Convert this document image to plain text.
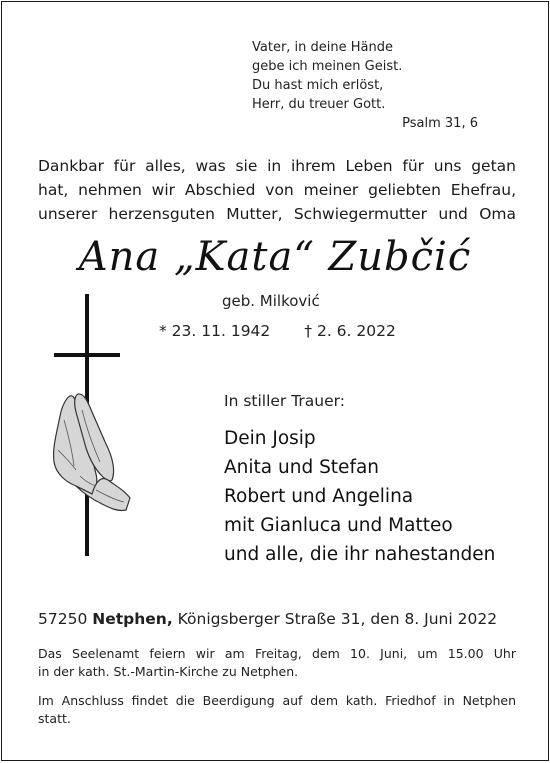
Vater, in deine Hände
gebe ich meinen Geist.
Du hast mich erlöst,
Herr, du treuer Gott.
Psalm 31, 6
Dankbar für alles, was sie in ihrem Leben für uns getan
hat, nehmen wir Abschied von meiner geliebten Ehefrau,
unserer herzensguten Mutter, Schwiegermutter und Oma
Ana „Kata“ Zubčić
geb. Milković
* 23. 11. 1942 † 2. 6. 2022
In stiller Trauer:
Dein Josip
Anita und Stefan
Robert und Angelina
mit Gianluca und Matteo
und alle, die ihr nahestanden
57250 Netphen, Königsberger Straße 31, den 8. Juni 2022
Das Seelenamt feiern wir am Freitag, dem 10. Juni, um 15.00 Uhr
in der kath. St.-Martin-Kirche zu Netphen.
Im Anschluss findet die Beerdigung auf dem kath. Friedhof in Netphen
statt.
